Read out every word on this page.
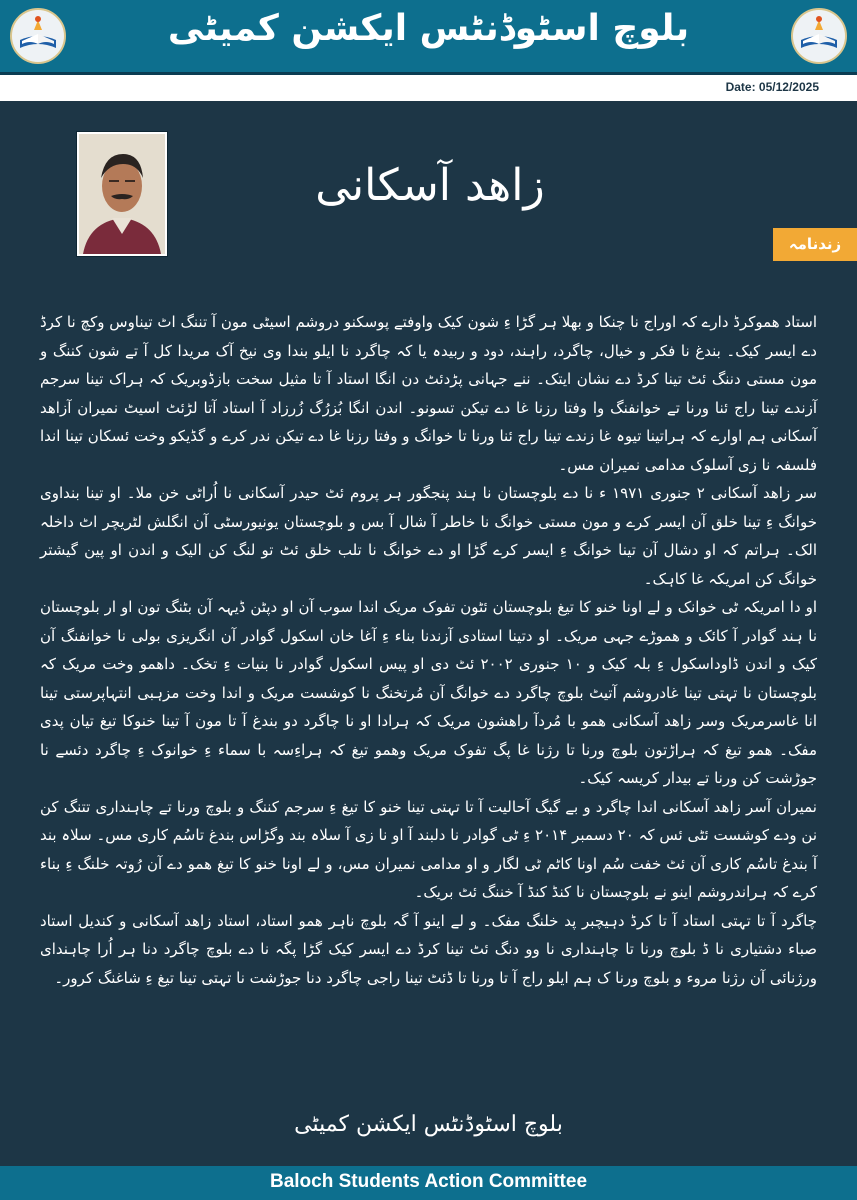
بلوچ اسٹوڈنٹس ایکشن کمیٹی
Date: 05/12/2025
زاھد آسکانی
زندنامہ

استاد ھموکرڈ دارے کہ اوراج نا چنکا و بھلا ہر گڑا ءِ شون کیک واوفتے پوسکنو دروشم اسیٹی مون آ تننگ اٹ تیناوس وکچ نا کرڈ دے ایسر کیک۔ بندغ نا فکر و خیال، چاگرد، راہند، دود و ربیدہ یا کہ چاگرد نا ایلو بندا وی نیخ آک مریدا کل آ تے شون کننگ و مون مستی دننگ ئٹ تینا کرڈ دے نشان ایتک۔ ننے جہانی پڑدئٹ دن انگا استاد آ تا مثیل سخت بازڈوبریک کہ ہراک تینا سرجم آزندے تینا راج ئنا ورنا تے خوانفنگ وا وفتا رزنا غا دے تیکن تسونو۔ اندن انگا بُزرُگ زُرزاد آ استاد آتا لڑئٹ اسیٹ نمیران آزاھد آسکانی ہم اوارے کہ ہراتینا تیوہ غا زندے تینا راج ئنا ورنا تا خوانگ و وفتا رزنا غا دے تیکن ندر کرے و گڈیکو وخت ئسکان تینا اندا فلسفہ نا زی آسلوک مدامی نمیران مس۔

سر زاھد آسکانی ۲ جنوری ۱۹۷۱ ء نا دے بلوچستان نا ہند پنجگور ہر پروم ئٹ حیدر آسکانی نا اُراٹی خن ملا۔ او تینا بنداوی خوانگ ءِ تینا خلق آن ایسر کرے و مون مستی خوانگ نا خاطر آ شال آ بس و بلوچستان یونیورسٹی آن انگلش لٹریچر اٹ داخلہ الک۔ ہراتم کہ او دشال آن تینا خوانگ ءِ ایسر کرے گڑا او دے خوانگ نا تلب خلق ئٹ تو لنگ کن الیک و اندن او پین گیشتر خوانگ کن امریکہ غا کاہک۔

او دا امریکہ ٹی خوانک و لے اونا خنو کا تیغ بلوچستان ئٹون تفوک مریک اندا سوب آن او دپٹن ڈیہہ آن بٹنگ تون او ار بلوچستان نا ہند گوادر آ کائک و ھموڑے جہی مریک۔ او دتینا استادی آزندنا بناء ءِ آغا خان اسکول گوادر آن انگریزی بولی نا خوانفنگ آن کیک و اندن ڈاوداسکول ءِ بلہ کیک و ۱۰ جنوری ۲۰۰۲ ئٹ دی او پیس اسکول گوادر نا بنیات ءِ تخک۔ داھمو وخت مریک کہ بلوچستان نا تہتی تینا غادروشم آتیٹ بلوچ چاگرد دے خوانگ آن مُرتخنگ نا کوشست مریک و اندا وخت مزہبی انتہاپرستی تینا انا غاسرمریک وسر زاھد آسکانی ھمو با مُردآ راھشون مریک کہ ہرادا او نا چاگرد دو بندغ آ تا مون آ تینا خنوکا تیغ تیان پدی مفک۔ ھمو تیغ کہ ہراڑتون بلوچ ورنا تا رژنا غا پگ تفوک مریک وھمو تیغ کہ ہراءِسہ با سماء ءِ خوانوک ءِ چاگرد دئسے نا جوڑشت کن ورنا تے بیدار کریسہ کیک۔

نمیران آسر زاھد آسکانی اندا چاگرد و بے گیگ آحالیت آ تا تہتی تینا خنو کا تیغ ءِ سرجم کننگ و بلوچ ورنا تے چاہنداری تتنگ کن نن ودے کوشست ئٹی ئس کہ ۲۰ دسمبر ۲۰۱۴ ءِ ٹی گوادر نا دلبند آ او نا زی آ سلاہ بند وگڑاس بندغ تاسُم کاری مس۔ سلاہ بند آ بندغ تاسُم کاری آن ئٹ خفت سُم اونا کاٹم ٹی لگار و او مدامی نمیران مس، و لے اونا خنو کا تیغ ھمو دے آن رُوتہ خلنگ ءِ بناء کرے کہ ہراندروشم اینو نے بلوچستان نا کنڈ کنڈ آ خننگ ئٹ بریک۔

چاگرد آ تا تہتی استاد آ تا کرڈ دہیچبر پد خلنگ مفک۔ و لے اینو آ گہ بلوچ ناہر ھمو استاد، استاد زاھد آسکانی و کندیل استاد صباء دشتیاری نا ڈ بلوچ ورنا تا چاہنداری نا وو دنگ ئٹ تینا کرڈ دے ایسر کیک گڑا پگہ نا دے بلوچ چاگرد دنا ہر اُرا چاہندای ورژنائی آن رژنا مروء و بلوچ ورنا ک ہم ایلو راج آ تا ورنا تا ڈئٹ تینا راجی چاگرد دنا جوڑشت نا تہتی تینا تیغ ءِ شاغنگ کرور۔

بلوچ اسٹوڈنٹس ایکشن کمیٹی
Baloch Students Action Committee
